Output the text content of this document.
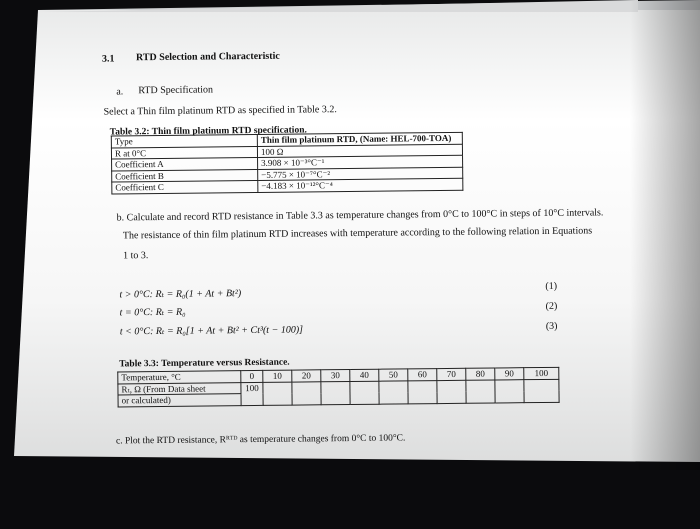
3.1 RTD Selection and Characteristic
a. RTD Specification
Select a Thin film platinum RTD as specified in Table 3.2.
Table 3.2: Thin film platinum RTD specification.
Type	Thin film platinum RTD, (Name: HEL-700-TOA)
R at 0°C	100 Ω
Coefficient A	3.908 × 10⁻³°C⁻¹
Coefficient B	−5.775 × 10⁻⁷°C⁻²
Coefficient C	−4.183 × 10⁻¹²°C⁻⁴
b. Calculate and record RTD resistance in Table 3.3 as temperature changes from 0°C to 100°C in steps of 10°C intervals.
The resistance of thin film platinum RTD increases with temperature according to the following relation in Equations
1 to 3.
t > 0°C: Rₜ = R₀(1 + At + Bt²)
(1)
t = 0°C: Rₜ = R₀
(2)
t < 0°C: Rₜ = R₀[1 + At + Bt² + Ct³(t − 100)]	(3)
Table 3.3: Temperature versus Resistance.
Temperature, °C	0	10	20	30	40	50	60	70	80	90	100
Rₜ, Ω (From Data sheet	100										
or calculated)											
c. Plot the RTD resistance, Rᴿᵀᴰ as temperature changes from 0°C to 100°C.
